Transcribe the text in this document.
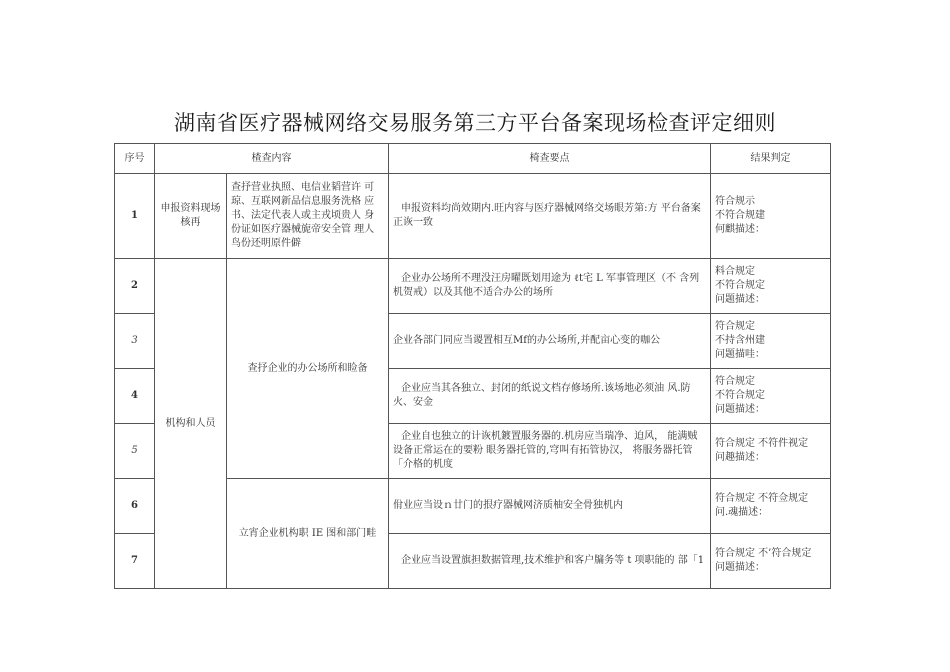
湖南省医疗器械网络交易服务第三方平台备案现场检查评定细则
序号	楂查内容		椅查要点	结果判定
1	申报资料现场核再	查抒营业执照、电信业韬营许 可琼、互联网新品信息服务洗格 应书、法定代表人或主戎顷贵人 身份证如医疗器械旎帝安全管 理人鸟份还明原件僻	申报资料均尚效期内.旺内容与医疗器械网络交场眼芳第:方 平台备案正诙一致	符合规示
不符合规建
何麒描述：

2	机构和人员	查抒企业的办公场所和睑备	企业办公场所不理没汪房曜既划用途为 ℓt宅 L 军事管理区（不 含列机贺戒）以及其他不适合办公的场所	料合规定
不符合规定
问题描述：

3			企业各部门同应当谡置相互Mf的办公场所,并配亩心变的咖公	符合规定
不持含州建
问题描哇：

4			企业应当其各独立、封闭的纸说文档存修场所.该场地必须油 风.防火、安金	符合规定
不符合规定
问题描述：

5			企业自也独立的计诙机鍍置服务器的.机房应当瑞净、迫风， 能满贼设备正常运在的要粉 眼务器托管的,穹叫有拓管协汉， 将服务器托管「介格的机度	符合规定 不符件视定
问趣描述：

6		立宵企业机构职 IE 图和部门畦	佾业应当设ｎ廿门的拫疗器械网济质柚安全骨独机内	符合规定 不符佥规定
问.魂描述：

7			企业应当设置旗担数据管理,技术维护和客户牖务等 t 项职能的 部「1	符合规定 不’符合规定
问题描述：
